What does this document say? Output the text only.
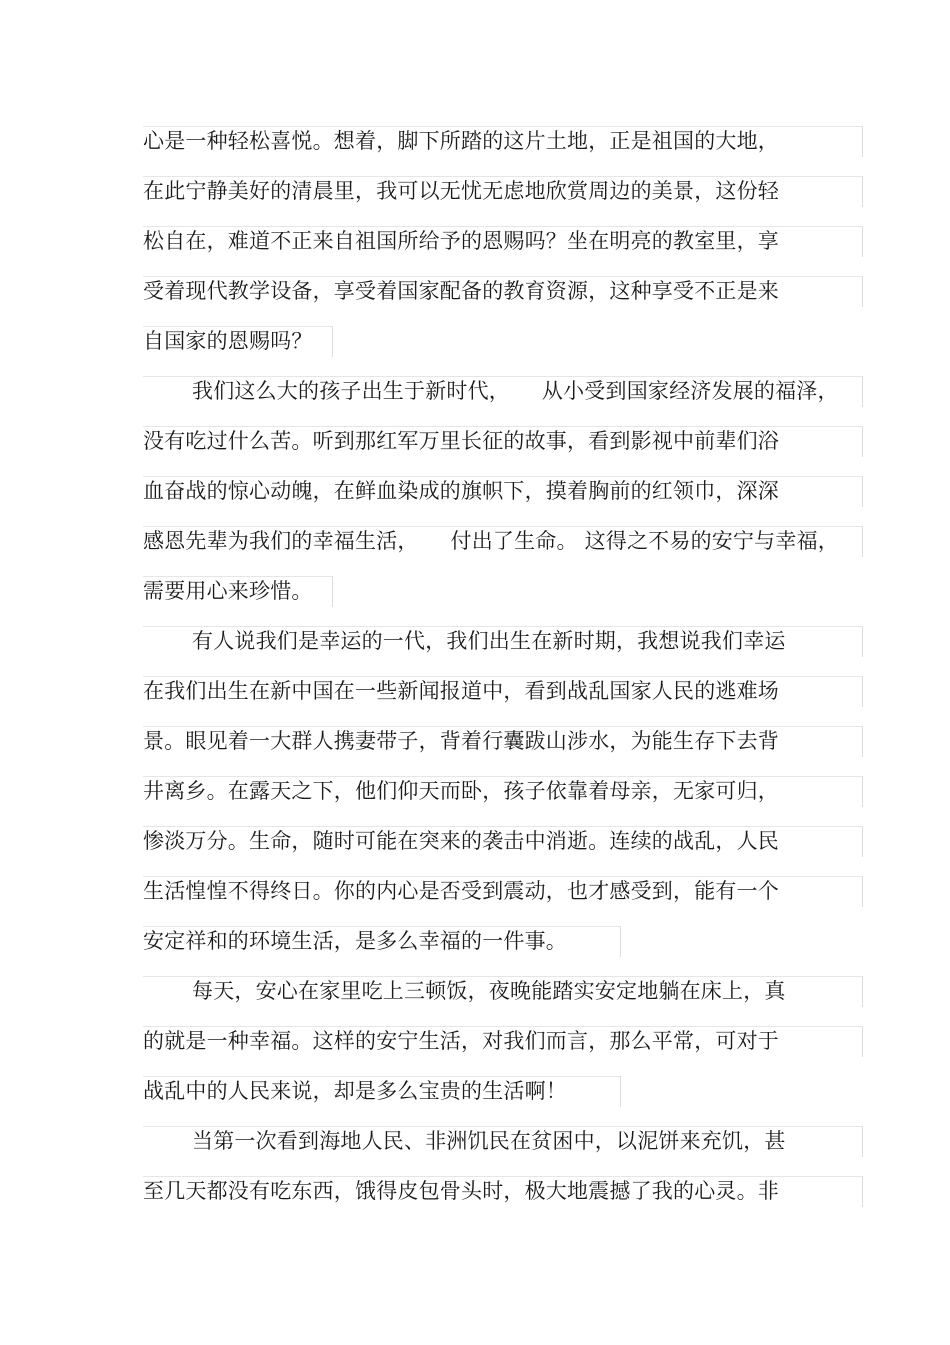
心是一种轻松喜悦。想着，脚下所踏的这片土地，正是祖国的大地，
在此宁静美好的清晨里，我可以无忧无虑地欣赏周边的美景，这份轻
松自在，难道不正来自祖国所给予的恩赐吗？坐在明亮的教室里，享
受着现代教学设备，享受着国家配备的教育资源，这种享受不正是来
自国家的恩赐吗？
我们这么大的孩子出生于新时代，　　从小受到国家经济发展的福泽，
没有吃过什么苦。听到那红军万里长征的故事，看到影视中前辈们浴
血奋战的惊心动魄，在鲜血染成的旗帜下，摸着胸前的红领巾，深深
感恩先辈为我们的幸福生活，　　付出了生命。 这得之不易的安宁与幸福，
需要用心来珍惜。
有人说我们是幸运的一代，我们出生在新时期，我想说我们幸运
在我们出生在新中国在一些新闻报道中，看到战乱国家人民的逃难场
景。眼见着一大群人携妻带子，背着行囊跋山涉水，为能生存下去背
井离乡。在露天之下，他们仰天而卧，孩子依靠着母亲，无家可归，
惨淡万分。生命，随时可能在突来的袭击中消逝。连续的战乱，人民
生活惶惶不得终日。你的内心是否受到震动，也才感受到，能有一个
安定祥和的环境生活，是多么幸福的一件事。
每天，安心在家里吃上三顿饭，夜晚能踏实安定地躺在床上，真
的就是一种幸福。这样的安宁生活，对我们而言，那么平常，可对于
战乱中的人民来说，却是多么宝贵的生活啊！
当第一次看到海地人民、非洲饥民在贫困中，以泥饼来充饥，甚
至几天都没有吃东西，饿得皮包骨头时，极大地震撼了我的心灵。非
